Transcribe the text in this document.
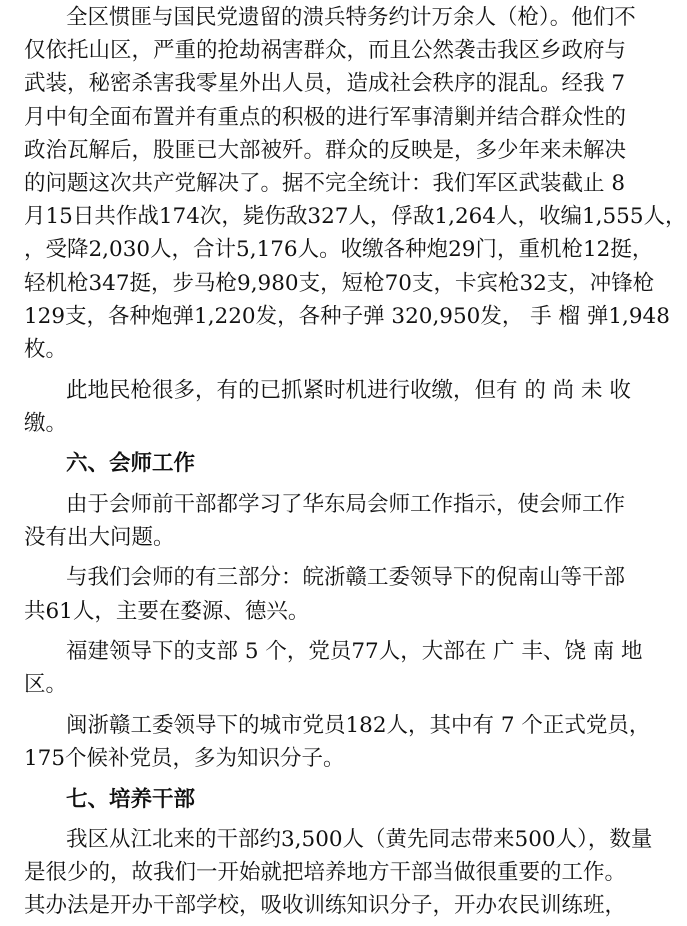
全区惯匪与国民党遗留的溃兵特务约计万余人（枪）。他们不
仅依托山区，严重的抢劫祸害群众，而且公然袭击我区乡政府与
武装，秘密杀害我零星外出人员，造成社会秩序的混乱。经我 7
月中旬全面布置并有重点的积极的进行军事清剿并结合群众性的
政治瓦解后，股匪已大部被歼。群众的反映是，多少年来未解决
的问题这次共产党解决了。据不完全统计：我们军区武装截止 8
月15日共作战174次，毙伤敌327人，俘敌1,264人，收编1,555人，
，受降2,030人，合计5,176人。收缴各种炮29门，重机枪12挺，
轻机枪347挺，步马枪9,980支，短枪70支，卡宾枪32支，冲锋枪
129支，各种炮弹1,220发，各种子弹 320,950发， 手 榴 弹1,948
枚。
此地民枪很多，有的已抓紧时机进行收缴，但有 的 尚 未 收
缴。
六、会师工作
由于会师前干部都学习了华东局会师工作指示，使会师工作
没有出大问题。
与我们会师的有三部分：皖浙赣工委领导下的倪南山等干部
共61人，主要在婺源、德兴。
福建领导下的支部 5 个，党员77人，大部在 广 丰、饶 南 地
区。
闽浙赣工委领导下的城市党员182人，其中有 7 个正式党员，
175个候补党员，多为知识分子。
七、培养干部
我区从江北来的干部约3,500人（黄先同志带来500人），数量
是很少的，故我们一开始就把培养地方干部当做很重要的工作。
其办法是开办干部学校，吸收训练知识分子，开办农民训练班，
